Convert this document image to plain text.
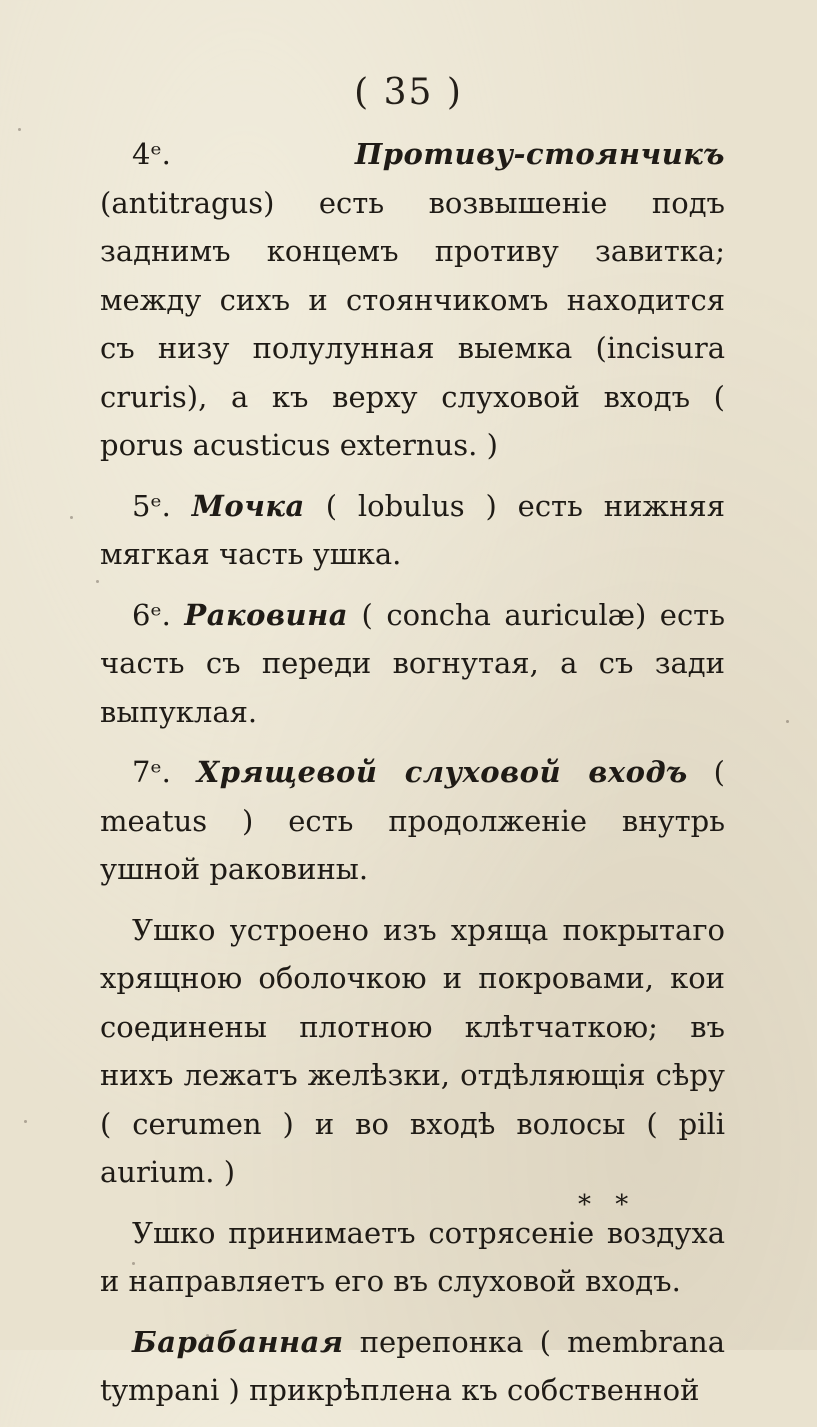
( 35 )

4ᵉ.	Противу-стоянчикъ (antitragus) есть возвышеніе подъ заднимъ концемъ противу завитка; между сихъ и стоянчикомъ находится съ низу полулунная выемка (incisura cruris), а къ верху слуховой входъ ( porus acusticus externus. )

5ᵉ. Мочка ( lobulus ) есть нижняя мягкая часть ушка.

6ᵉ. Раковина ( concha auriculæ) есть часть съ переди вогнутая, а съ зади выпуклая.

7ᵉ. Хрящевой слуховой входъ ( meatus ) есть продолженіе внутрь ушной раковины.

Ушко устроено изъ хряща покрытаго хрящною оболочкою и покровами, кои соединены плотною клѣтчаткою; въ нихъ лежатъ желѣзки, отдѣляющія сѣру ( cerumen ) и во входѣ волосы ( pili aurium. )

Ушко принимаетъ сотрясеніе воздуха и направляетъ его въ слуховой входъ.

Барабанная перепонка ( membrana tympani ) прикрѣплена къ собственной

* *
